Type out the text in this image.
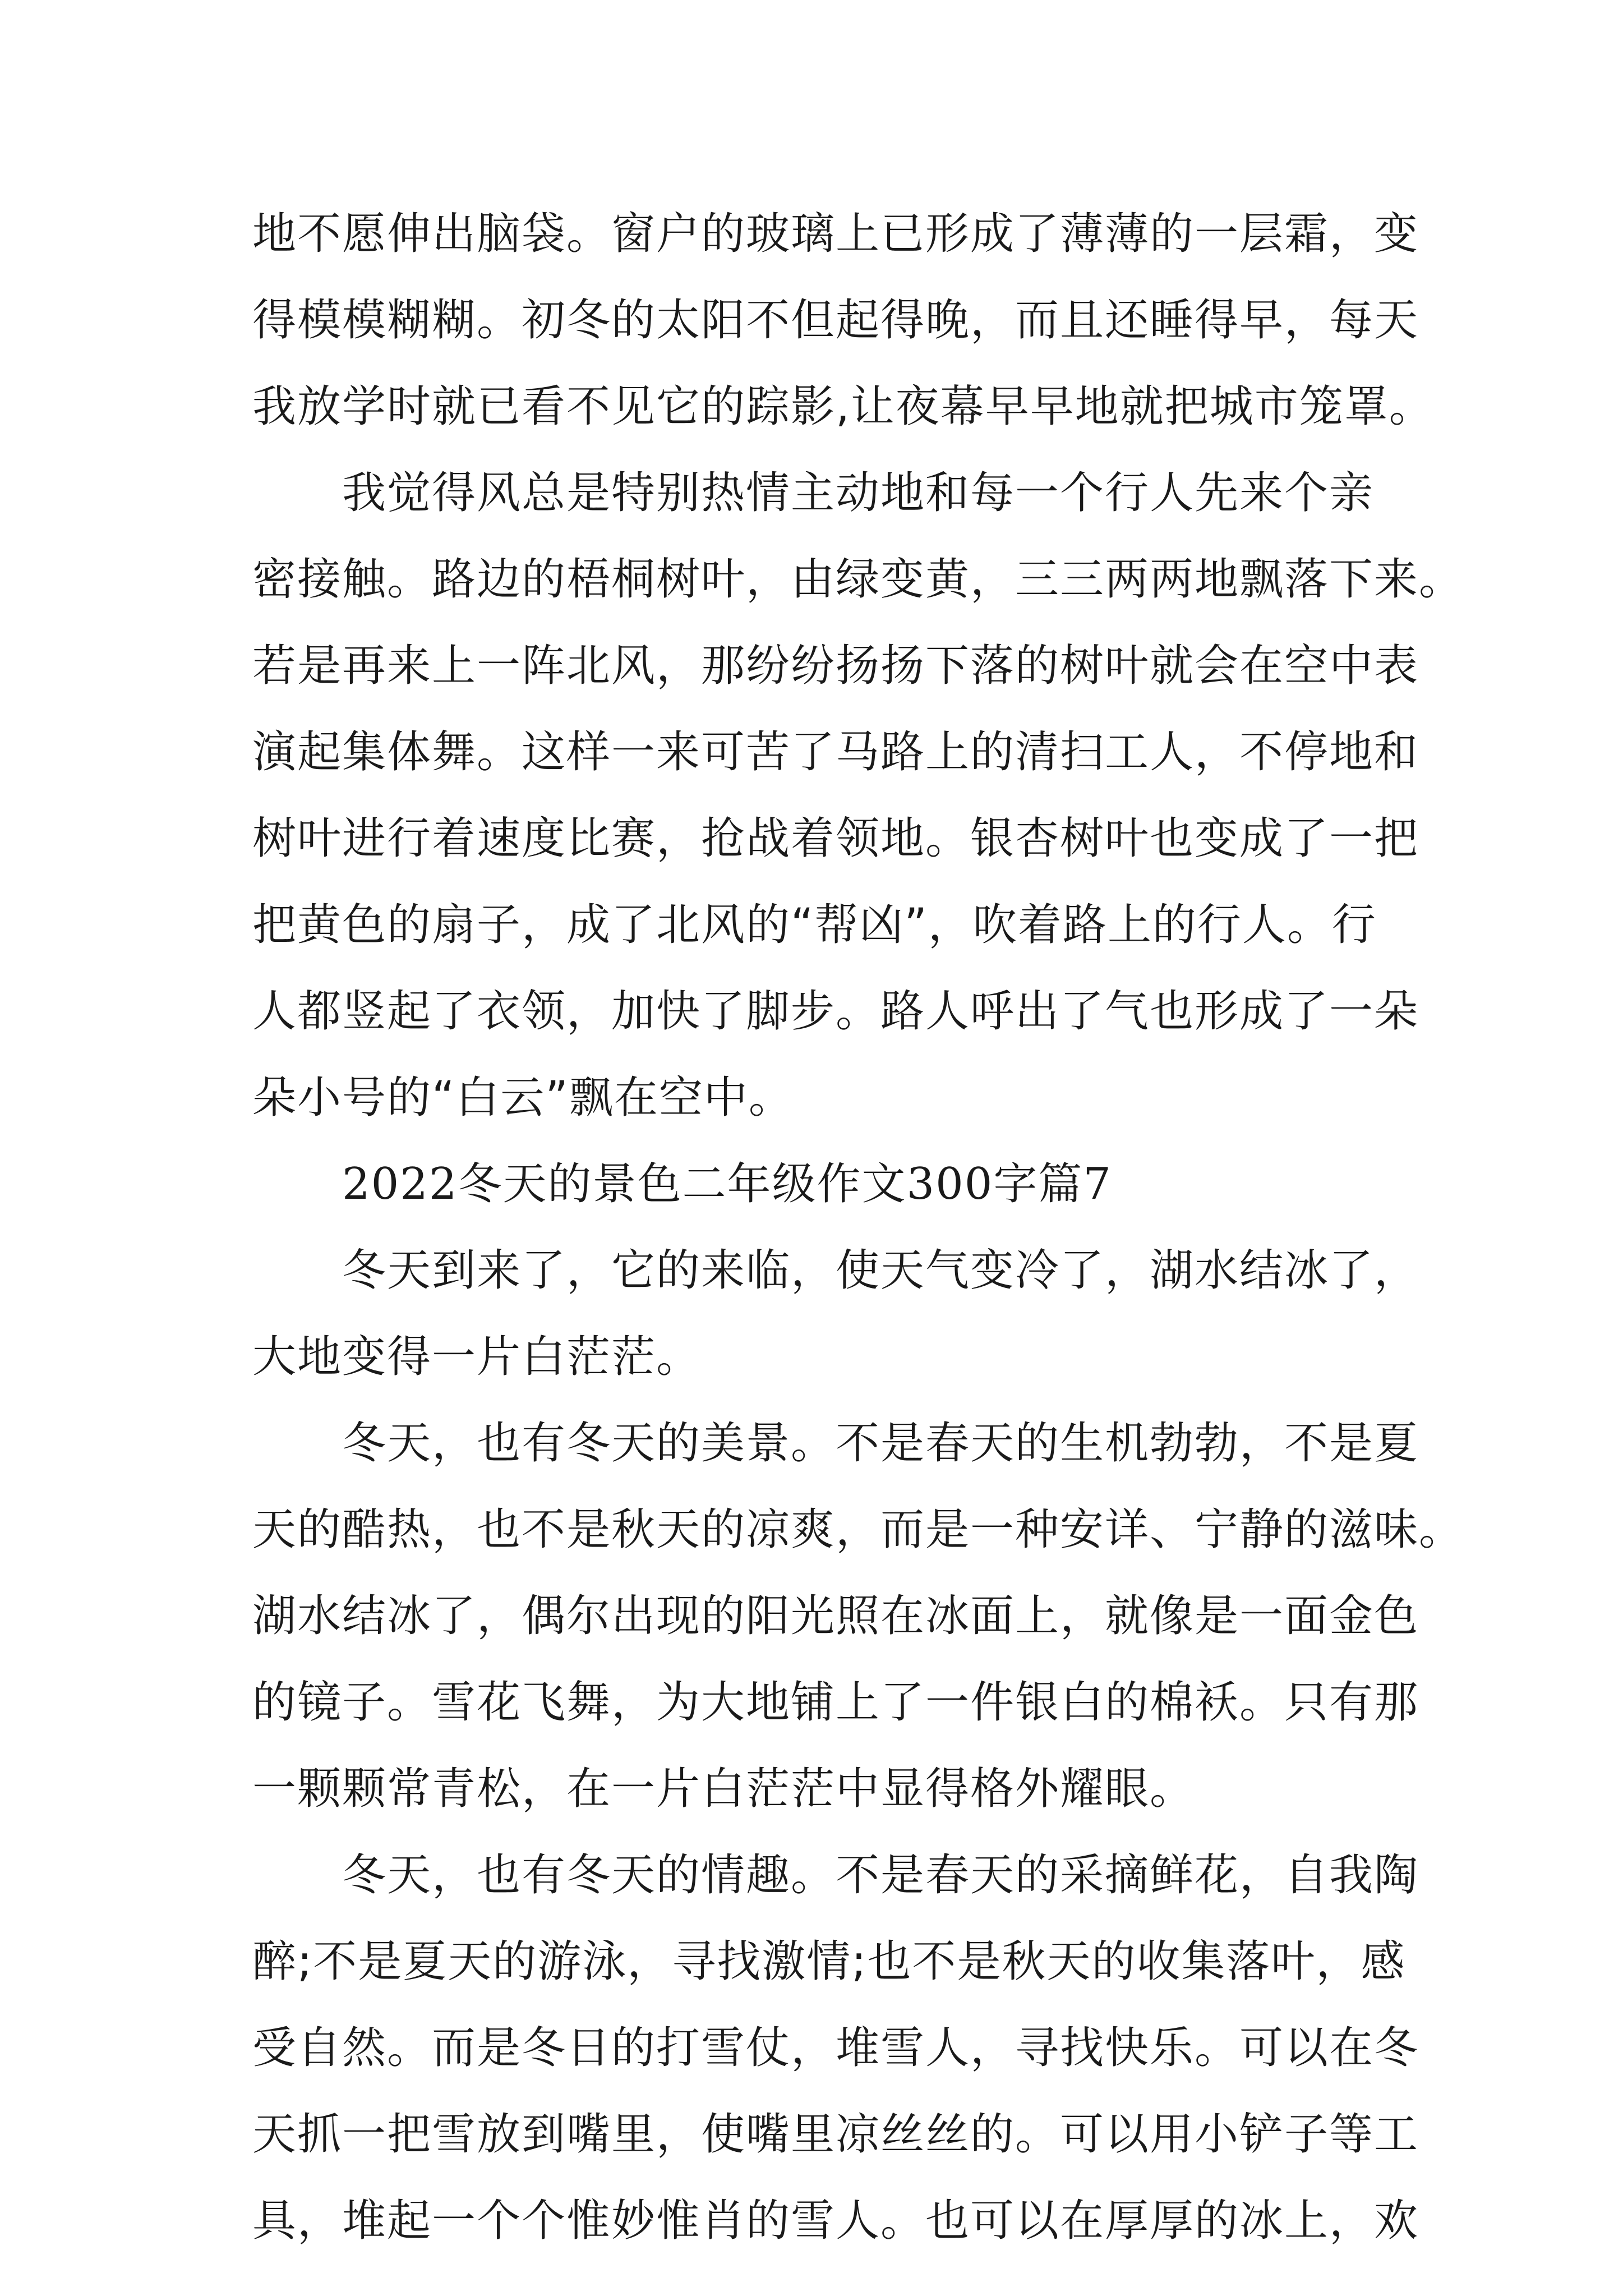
地不愿伸出脑袋。窗户的玻璃上已形成了薄薄的一层霜，变
得模模糊糊。初冬的太阳不但起得晚，而且还睡得早，每天
我放学时就已看不见它的踪影,让夜幕早早地就把城市笼罩。
我觉得风总是特别热情主动地和每一个行人先来个亲
密接触。路边的梧桐树叶，由绿变黄，三三两两地飘落下来。
若是再来上一阵北风，那纷纷扬扬下落的树叶就会在空中表
演起集体舞。这样一来可苦了马路上的清扫工人，不停地和
树叶进行着速度比赛，抢战着领地。银杏树叶也变成了一把
把黄色的扇子，成了北风的“帮凶”，吹着路上的行人。行
人都竖起了衣领，加快了脚步。路人呼出了气也形成了一朵
朵小号的“白云”飘在空中。
2022冬天的景色二年级作文300字篇7
冬天到来了，它的来临，使天气变冷了，湖水结冰了，
大地变得一片白茫茫。
冬天，也有冬天的美景。不是春天的生机勃勃，不是夏
天的酷热，也不是秋天的凉爽，而是一种安详、宁静的滋味。
湖水结冰了，偶尔出现的阳光照在冰面上，就像是一面金色
的镜子。雪花飞舞，为大地铺上了一件银白的棉袄。只有那
一颗颗常青松，在一片白茫茫中显得格外耀眼。
冬天，也有冬天的情趣。不是春天的采摘鲜花，自我陶
醉;不是夏天的游泳，寻找激情;也不是秋天的收集落叶，感
受自然。而是冬日的打雪仗，堆雪人，寻找快乐。可以在冬
天抓一把雪放到嘴里，使嘴里凉丝丝的。可以用小铲子等工
具，堆起一个个惟妙惟肖的雪人。也可以在厚厚的冰上，欢
